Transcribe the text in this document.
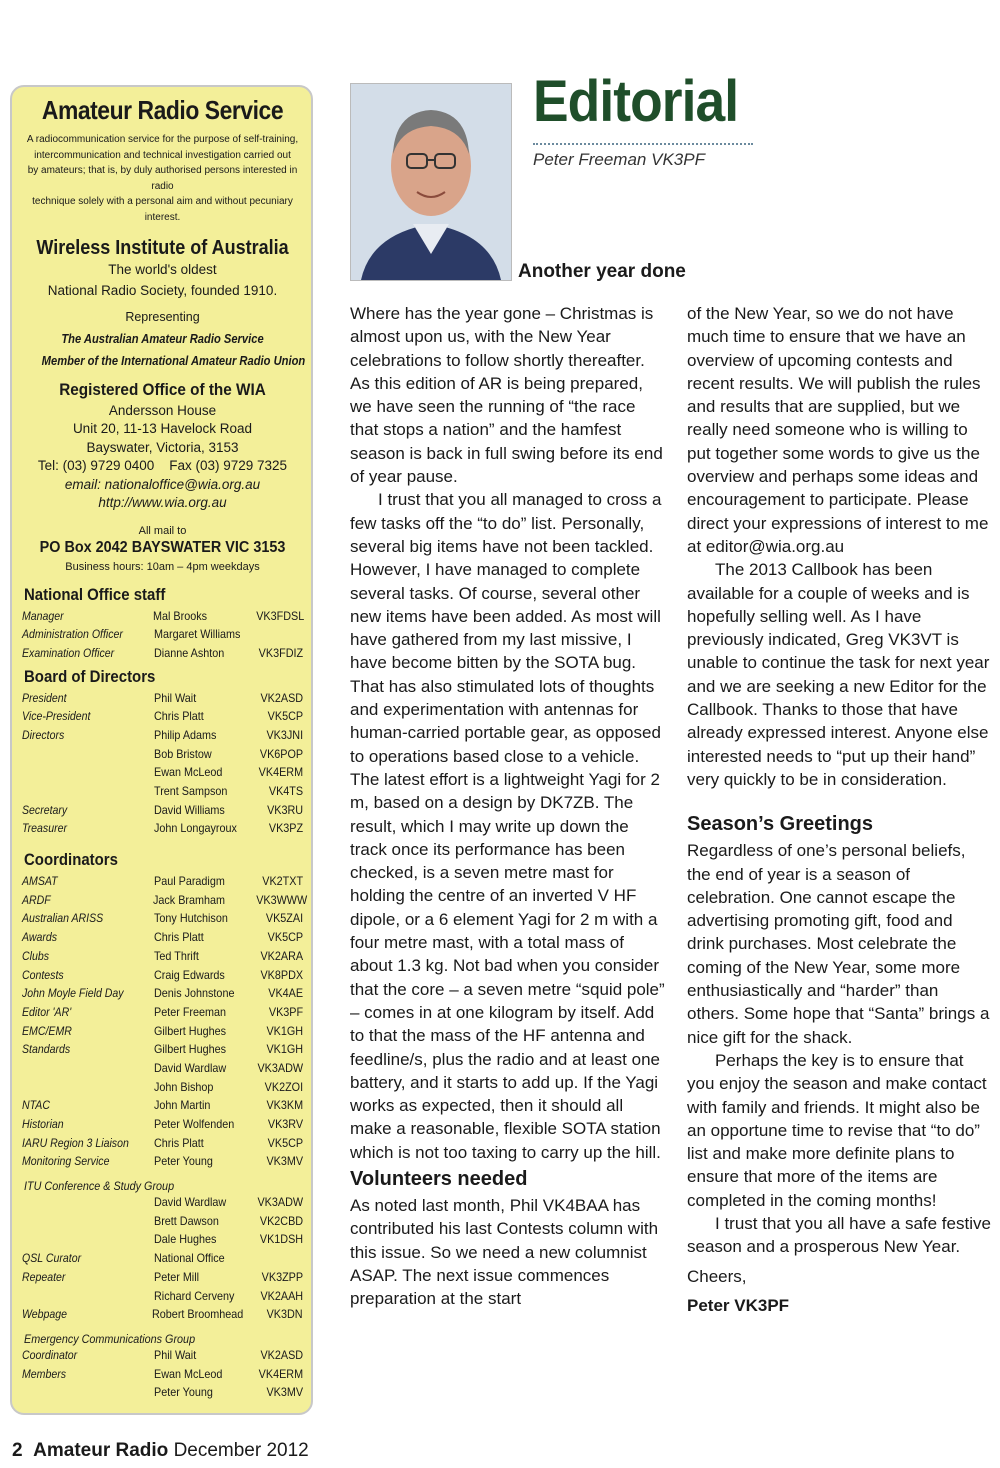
Amateur Radio Service

A radiocommunication service for the purpose of self-training,
intercommunication and technical investigation carried out
by amateurs; that is, by duly authorised persons interested in radio
technique solely with a personal aim and without pecuniary interest.

Wireless Institute of Australia

The world's oldest

National Radio Society, founded 1910.

Representing

The Australian Amateur Radio Service

Member of the International Amateur Radio Union

Registered Office of the WIA

Andersson House

Unit 20, 11-13 Havelock Road

Bayswater, Victoria, 3153

Tel: (03) 9729 0400    Fax (03) 9729 7325

email: nationaloffice@wia.org.au

http://www.wia.org.au

All mail to

PO Box 2042 BAYSWATER VIC 3153

Business hours: 10am – 4pm weekdays

National Office staff

Manager	Mal Brooks	VK3FDSL
Administration Officer	Margaret Williams
Examination Officer	Dianne Ashton	VK3FDIZ

Board of Directors

President	Phil Wait	VK2ASD
Vice-President	Chris Platt	VK5CP
Directors	Philip Adams	VK3JNI
Bob Bristow	VK6POP
Ewan McLeod	VK4ERM
Trent Sampson	VK4TS
Secretary	David Williams	VK3RU
Treasurer	John Longayroux	VK3PZ

Coordinators

AMSAT	Paul Paradigm	VK2TXT
ARDF	Jack Bramham	VK3WWW
Australian ARISS	Tony Hutchison	VK5ZAI
Awards	Chris Platt	VK5CP
Clubs	Ted Thrift	VK2ARA
Contests	Craig Edwards	VK8PDX
John Moyle Field Day	Denis Johnstone	VK4AE
Editor 'AR'	Peter Freeman	VK3PF
EMC/EMR	Gilbert Hughes	VK1GH
Standards	Gilbert Hughes	VK1GH
David Wardlaw	VK3ADW
John Bishop	VK2ZOI
NTAC	John Martin	VK3KM
Historian	Peter Wolfenden	VK3RV
IARU Region 3 Liaison	Chris Platt	VK5CP
Monitoring Service	Peter Young	VK3MV

ITU Conference & Study Group

David Wardlaw	VK3ADW
Brett Dawson	VK2CBD
Dale Hughes	VK1DSH
QSL Curator	National Office
Repeater	Peter Mill	VK3ZPP
Richard Cerveny	VK2AAH
Webpage	Robert Broomhead	VK3DN

Emergency Communications Group

Coordinator	Phil Wait	VK2ASD
Members	Ewan McLeod	VK4ERM
Peter Young	VK3MV
Editorial
Peter Freeman VK3PF
Another year done

Where has the year gone – Christmas is almost upon us, with the New Year celebrations to follow shortly thereafter. As this edition of AR is being prepared, we have seen the running of “the race that stops a nation” and the hamfest season is back in full swing before its end of year pause.

I trust that you all managed to cross a few tasks off the “to do” list. Personally, several big items have not been tackled. However, I have managed to complete several tasks. Of course, several other new items have been added. As most will have gathered from my last missive, I have become bitten by the SOTA bug. That has also stimulated lots of thoughts and experimentation with antennas for human-carried portable gear, as opposed to operations based close to a vehicle. The latest effort is a lightweight Yagi for 2 m, based on a design by DK7ZB. The result, which I may write up down the track once its performance has been checked, is a seven metre mast for holding the centre of an inverted V HF dipole, or a 6 element Yagi for 2 m with a four metre mast, with a total mass of about 1.3 kg. Not bad when you consider that the core – a seven metre “squid pole” – comes in at one kilogram by itself. Add to that the mass of the HF antenna and feedline/s, plus the radio and at least one battery, and it starts to add up. If the Yagi works as expected, then it should all make a reasonable, flexible SOTA station which is not too taxing to carry up the hill.

Volunteers needed

As noted last month, Phil VK4BAA has contributed his last Contests column with this issue. So we need a new columnist ASAP. The next issue commences preparation at the start

of the New Year, so we do not have much time to ensure that we have an overview of upcoming contests and recent results. We will publish the rules and results that are supplied, but we really need someone who is willing to put together some words to give us the overview and perhaps some ideas and encouragement to participate. Please direct your expressions of interest to me at editor@wia.org.au

The 2013 Callbook has been available for a couple of weeks and is hopefully selling well. As I have previously indicated, Greg VK3VT is unable to continue the task for next year and we are seeking a new Editor for the Callbook. Thanks to those that have already expressed interest. Anyone else interested needs to “put up their hand” very quickly to be in consideration.

Season’s Greetings

Regardless of one’s personal beliefs, the end of year is a season of celebration. One cannot escape the advertising promoting gift, food and drink purchases. Most celebrate the coming of the New Year, some more enthusiastically and “harder” than others. Some hope that “Santa” brings a nice gift for the shack.

Perhaps the key is to ensure that you enjoy the season and make contact with family and friends. It might also be an opportune time to revise that “to do” list and make more definite plans to ensure that more of the items are completed in the coming months!

I trust that you all have a safe festive season and a prosperous New Year.

Cheers,

Peter VK3PF

2 Amateur Radio December 2012
